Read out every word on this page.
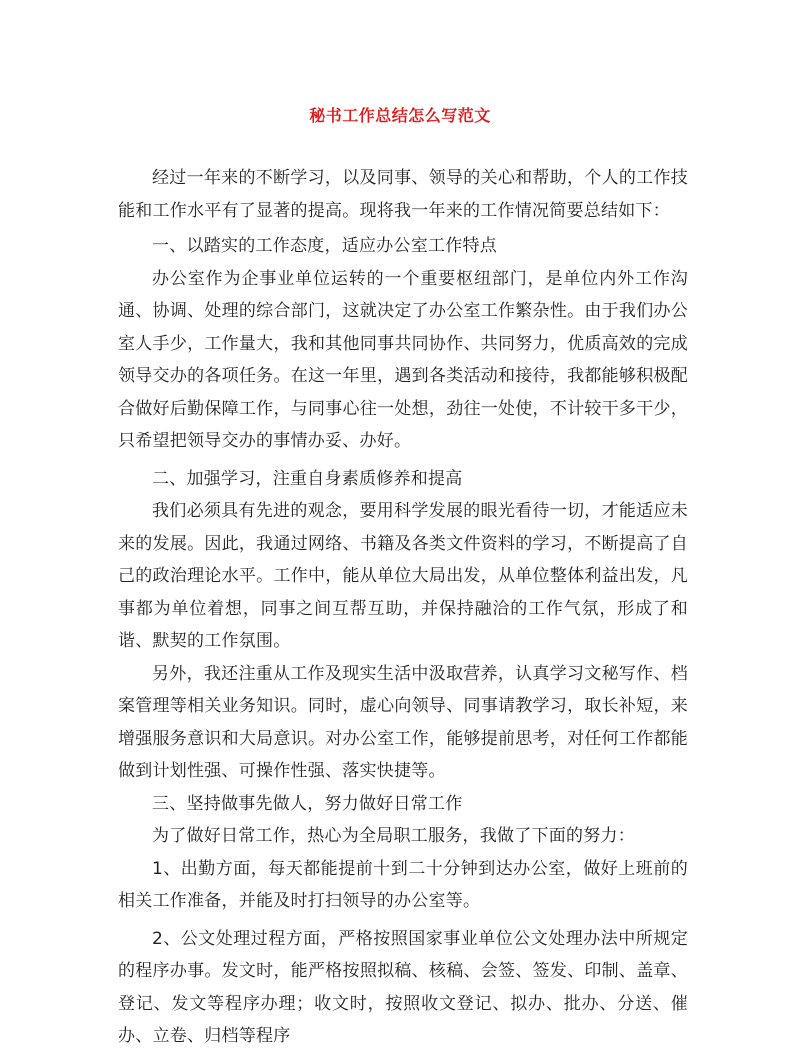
秘书工作总结怎么写范文

经过一年来的不断学习，以及同事、领导的关心和帮助，个人的工作技能和工作水平有了显著的提高。现将我一年来的工作情况简要总结如下：

一、以踏实的工作态度，适应办公室工作特点

办公室作为企事业单位运转的一个重要枢纽部门，是单位内外工作沟通、协调、处理的综合部门，这就决定了办公室工作繁杂性。由于我们办公室人手少，工作量大，我和其他同事共同协作、共同努力，优质高效的完成领导交办的各项任务。在这一年里，遇到各类活动和接待，我都能够积极配合做好后勤保障工作，与同事心往一处想，劲往一处使，不计较干多干少，只希望把领导交办的事情办妥、办好。

二、加强学习，注重自身素质修养和提高

我们必须具有先进的观念，要用科学发展的眼光看待一切，才能适应未来的发展。因此，我通过网络、书籍及各类文件资料的学习，不断提高了自己的政治理论水平。工作中，能从单位大局出发，从单位整体利益出发，凡事都为单位着想，同事之间互帮互助，并保持融洽的工作气氛，形成了和谐、默契的工作氛围。

另外，我还注重从工作及现实生活中汲取营养，认真学习文秘写作、档案管理等相关业务知识。同时，虚心向领导、同事请教学习，取长补短，来增强服务意识和大局意识。对办公室工作，能够提前思考，对任何工作都能做到计划性强、可操作性强、落实快捷等。

三、坚持做事先做人，努力做好日常工作

为了做好日常工作，热心为全局职工服务，我做了下面的努力：

1、出勤方面，每天都能提前十到二十分钟到达办公室，做好上班前的相关工作准备，并能及时打扫领导的办公室等。

2、公文处理过程方面，严格按照国家事业单位公文处理办法中所规定的程序办事。发文时，能严格按照拟稿、核稿、会签、签发、印制、盖章、登记、发文等程序办理；收文时，按照收文登记、拟办、批办、分送、催办、立卷、归档等程序
